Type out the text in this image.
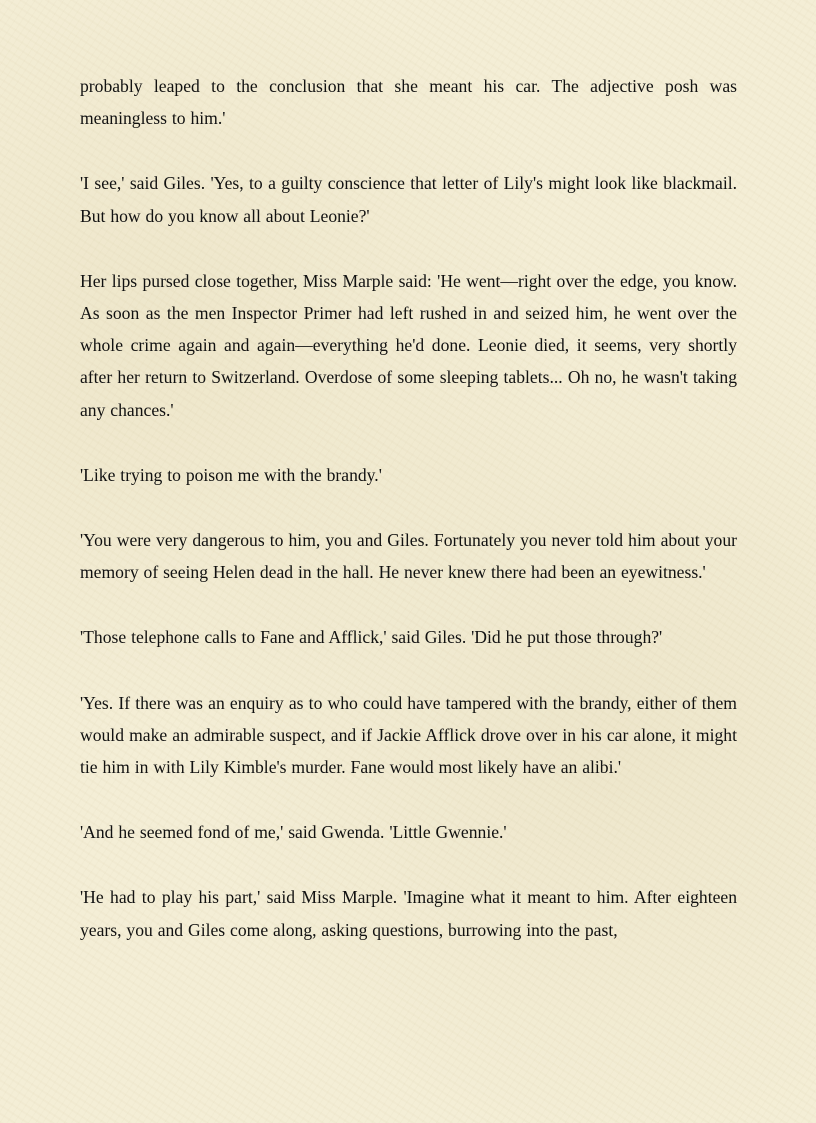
probably leaped to the conclusion that she meant his car. The adjective posh was meaningless to him.'

'I see,' said Giles. 'Yes, to a guilty conscience that letter of Lily's might look like blackmail. But how do you know all about Leonie?'

Her lips pursed close together, Miss Marple said: 'He went—right over the edge, you know. As soon as the men Inspector Primer had left rushed in and seized him, he went over the whole crime again and again—everything he'd done. Leonie died, it seems, very shortly after her return to Switzerland. Overdose of some sleeping tablets... Oh no, he wasn't taking any chances.'

'Like trying to poison me with the brandy.'

'You were very dangerous to him, you and Giles. Fortunately you never told him about your memory of seeing Helen dead in the hall. He never knew there had been an eyewitness.'

'Those telephone calls to Fane and Afflick,' said Giles. 'Did he put those through?'

'Yes. If there was an enquiry as to who could have tampered with the brandy, either of them would make an admirable suspect, and if Jackie Afflick drove over in his car alone, it might tie him in with Lily Kimble's murder. Fane would most likely have an alibi.'

'And he seemed fond of me,' said Gwenda. 'Little Gwennie.'

'He had to play his part,' said Miss Marple. 'Imagine what it meant to him. After eighteen years, you and Giles come along, asking questions, burrowing into the past,
